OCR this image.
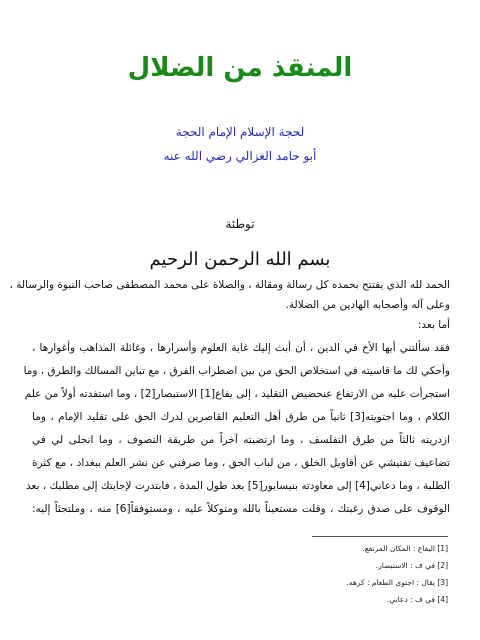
المنقذ من الضلال
لحجة الإسلام الإمام الحجة
أبو حامد الغزالي رضي الله عنه
توطئة
بسم الله الرحمن الرحيم
الحمد لله الذي يفتتح بحمده كل رسالة ومقالة ، والصلاة على محمد المصطفى صاحب النبوة والرسالة ،
وعلى آله وأصحابه الهادين من الضلالة.
أما بعد:
فقد سألتني أيها الأخ في الدين ، أن أبث إليك غاية العلوم وأسرارها ، وغائلة المذاهب وأغوارها ،
وأحكي لك ما قاسيته في استخلاص الحق من بين اضطراب الفرق ، مع تباين المسالك والطرق ، وما
استجرأت عليه من الارتفاع عنحضيض التقليد ، إلى يفاع[1] الاستبصار[2] ، وما استفدته أولاً من علم
الكلام ، وما اجتويته[3] ثانياً من طرق أهل التعليم القاصرين لدرك الحق على تقليد الإمام ، وما
ازدريته ثالثاً من طرق التفلسف ، وما ارتضيته آخراً من طريقة التصوف ، وما انجلى لي في
تضاعيف تفتيشي عن أقاويل الخلق ، من لباب الحق ، وما صرفني عن نشر العلم ببغداد ، مع كثرة
الطلبة ، وما دعاني[4] إلى معاودته بنيسابور[5] بعد طول المدة ، فابتدرت لإجابتك إلى مطلبك ، بعد
الوقوف على صدق رغبتك ، وقلت مستعيناً بالله ومتوكلاً عليه ، ومستوفقاً[6] منه ، وملتجئاً إليه:
[1] اليفاع : المكان المرتفع.
[2] في ف : الاستبصار.
[3] يقال : اجتوى الطعام : كرهه.
[4] في ف : دعاني.
